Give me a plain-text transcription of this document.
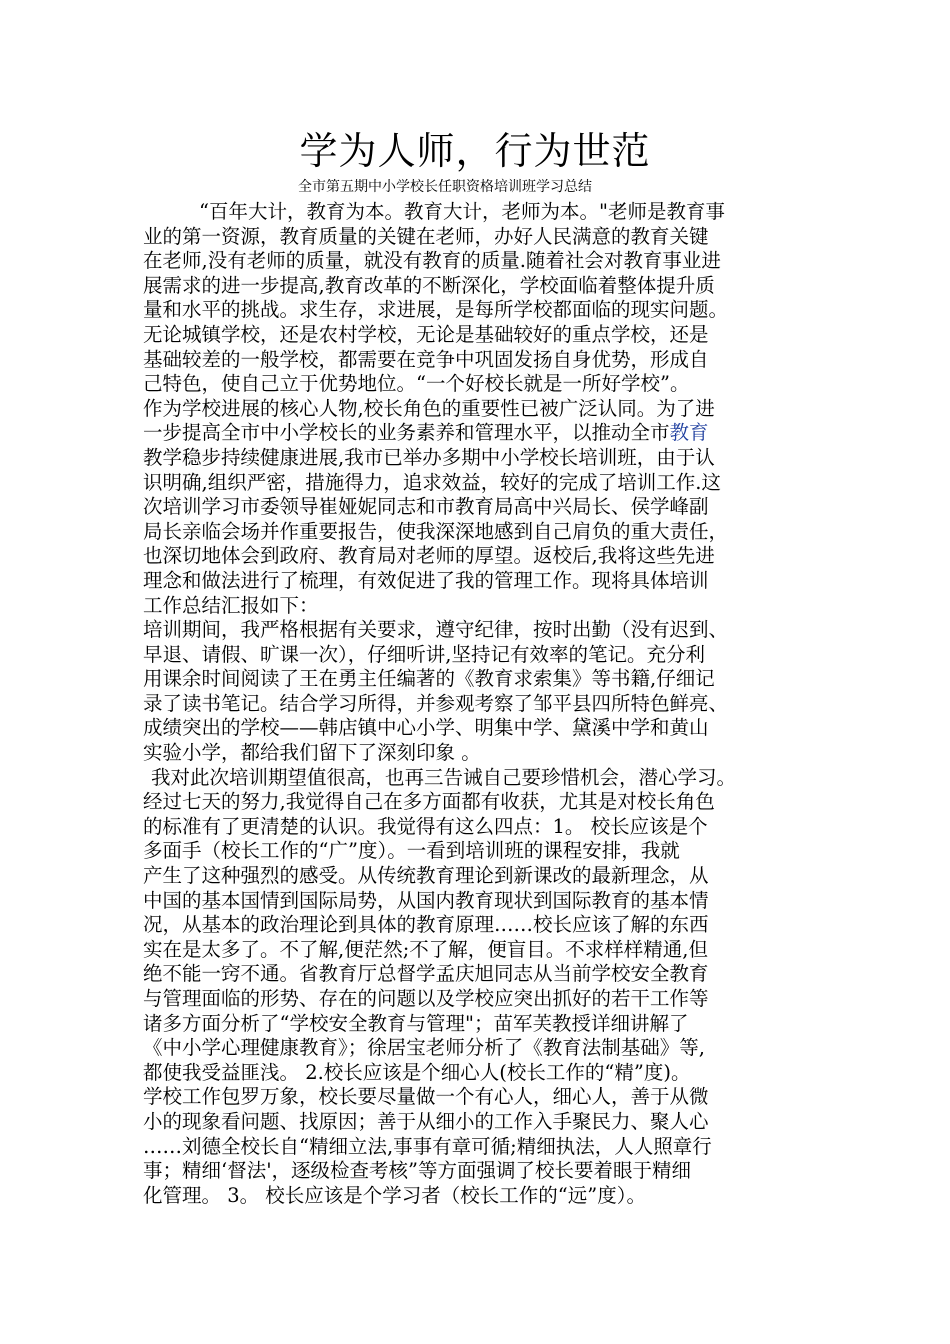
学为人师，行为世范

全市第五期中小学校长任职资格培训班学习总结

“百年大计，教育为本。教育大计，老师为本。"老师是教育事
业的第一资源，教育质量的关键在老师，办好人民满意的教育关键
在老师,没有老师的质量，就没有教育的质量.随着社会对教育事业进
展需求的进一步提高,教育改革的不断深化，学校面临着整体提升质
量和水平的挑战。求生存，求进展，是每所学校都面临的现实问题。
无论城镇学校，还是农村学校，无论是基础较好的重点学校，还是
基础较差的一般学校，都需要在竞争中巩固发扬自身优势，形成自
己特色，使自己立于优势地位。“一个好校长就是一所好学校”。
作为学校进展的核心人物,校长角色的重要性已被广泛认同。为了进
一步提高全市中小学校长的业务素养和管理水平，以推动全市教育
教学稳步持续健康进展,我市已举办多期中小学校长培训班，由于认
识明确,组织严密，措施得力，追求效益，较好的完成了培训工作.这
次培训学习市委领导崔娅妮同志和市教育局高中兴局长、侯学峰副
局长亲临会场并作重要报告，使我深深地感到自己肩负的重大责任，
也深切地体会到政府、教育局对老师的厚望。返校后,我将这些先进
理念和做法进行了梳理，有效促进了我的管理工作。现将具体培训
工作总结汇报如下：
培训期间，我严格根据有关要求，遵守纪律，按时出勤（没有迟到、
早退、请假、旷课一次），仔细听讲,坚持记有效率的笔记。充分利
用课余时间阅读了王在勇主任编著的《教育求索集》等书籍,仔细记
录了读书笔记。结合学习所得，并参观考察了邹平县四所特色鲜亮、
成绩突出的学校——韩店镇中心小学、明集中学、黛溪中学和黄山
实验小学，都给我们留下了深刻印象 。
我对此次培训期望值很高，也再三告诫自己要珍惜机会，潜心学习。
经过七天的努力,我觉得自己在多方面都有收获，尤其是对校长角色
的标准有了更清楚的认识。我觉得有这么四点：1。 校长应该是个
多面手（校长工作的“广”度）。一看到培训班的课程安排，我就
产生了这种强烈的感受。从传统教育理论到新课改的最新理念，从
中国的基本国情到国际局势，从国内教育现状到国际教育的基本情
况，从基本的政治理论到具体的教育原理……校长应该了解的东西
实在是太多了。不了解,便茫然;不了解，便盲目。不求样样精通,但
绝不能一窍不通。省教育厅总督学孟庆旭同志从当前学校安全教育
与管理面临的形势、存在的问题以及学校应突出抓好的若干工作等
诸多方面分析了“学校安全教育与管理"；苗军芙教授详细讲解了
《中小学心理健康教育》；徐居宝老师分析了《教育法制基础》等,
都使我受益匪浅。 2.校长应该是个细心人(校长工作的“精”度)。
学校工作包罗万象，校长要尽量做一个有心人，细心人，善于从微
小的现象看问题、找原因；善于从细小的工作入手聚民力、聚人心
……刘德全校长自“精细立法,事事有章可循;精细执法，人人照章行
事；精细‘督法'，逐级检查考核”等方面强调了校长要着眼于精细
化管理。 3。 校长应该是个学习者（校长工作的“远”度）。
